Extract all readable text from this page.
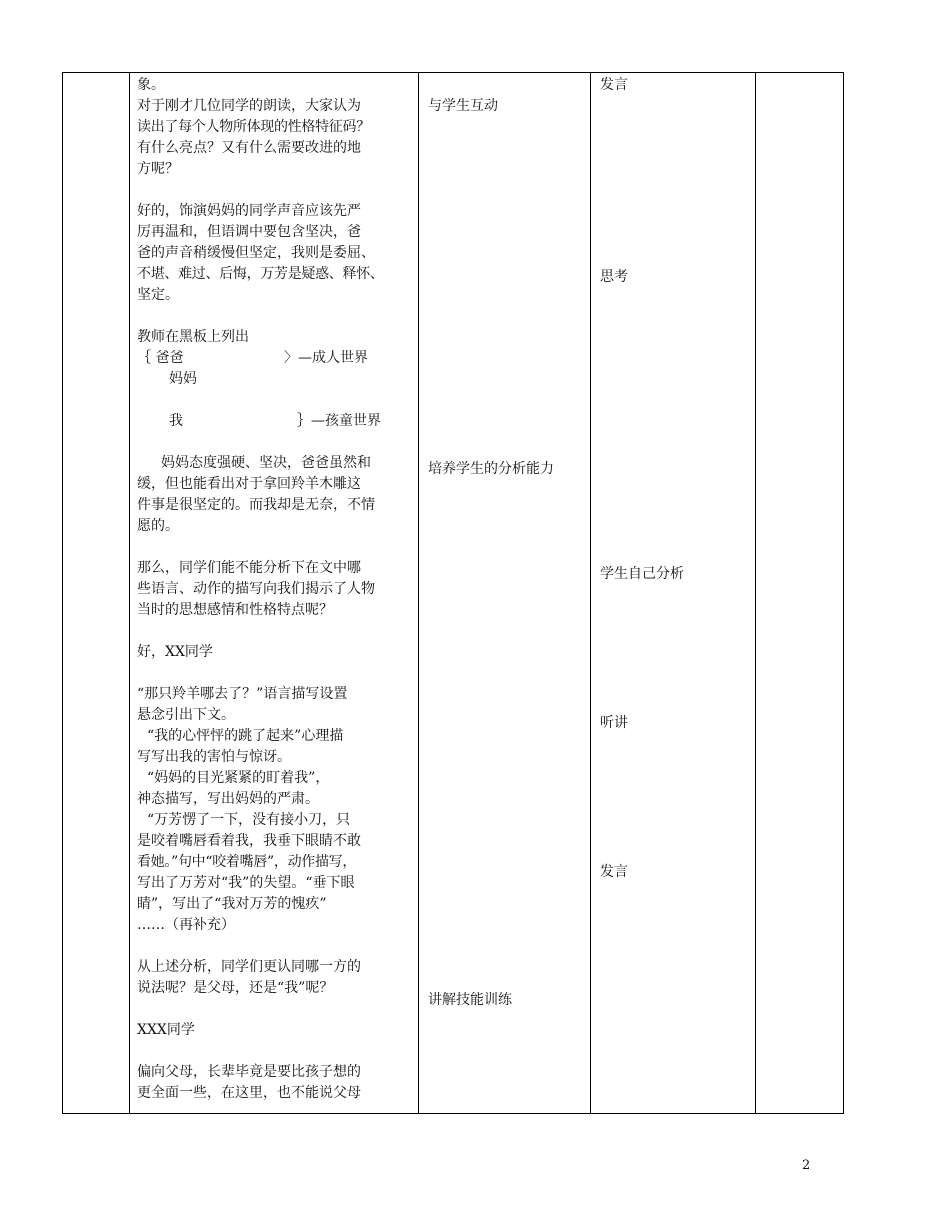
象。
对于刚才几位同学的朗读，大家认为
读出了每个人物所体现的性格特征码？
有什么亮点？又有什么需要改进的地
方呢？
好的，饰演妈妈的同学声音应该先严
厉再温和，但语调中要包含坚决，爸
爸的声音稍缓慢但坚定，我则是委屈、
不堪、难过、后悔，万芳是疑惑、释怀、
坚定。
教师在黑板上列出
｛ 爸爸	〉—成人世界
妈妈
我	｝—孩童世界
妈妈态度强硬、坚决，爸爸虽然和
缓，但也能看出对于拿回羚羊木雕这
件事是很坚定的。而我却是无奈，不情
愿的。
那么，同学们能不能分析下在文中哪
些语言、动作的描写向我们揭示了人物
当时的思想感情和性格特点呢？
好，XX同学
“那只羚羊哪去了？”语言描写设置
悬念引出下文。
“我的心怦怦的跳了起来”心理描
写写出我的害怕与惊讶。
“妈妈的目光紧紧的盯着我”，
神态描写，写出妈妈的严肃。
“万芳愣了一下，没有接小刀，只
是咬着嘴唇看着我，我垂下眼睛不敢
看她。”句中“咬着嘴唇”，动作描写，
写出了万芳对“我”的失望。“垂下眼
睛”，写出了“我对万芳的愧疚”
……（再补充）
从上述分析，同学们更认同哪一方的
说法呢？是父母，还是“我”呢？
XXX同学
偏向父母，长辈毕竟是要比孩子想的
更全面一些，在这里，也不能说父母
与学生互动
培养学生的分析能力
讲解技能训练
发言
思考
学生自己分析
听讲
发言
2
